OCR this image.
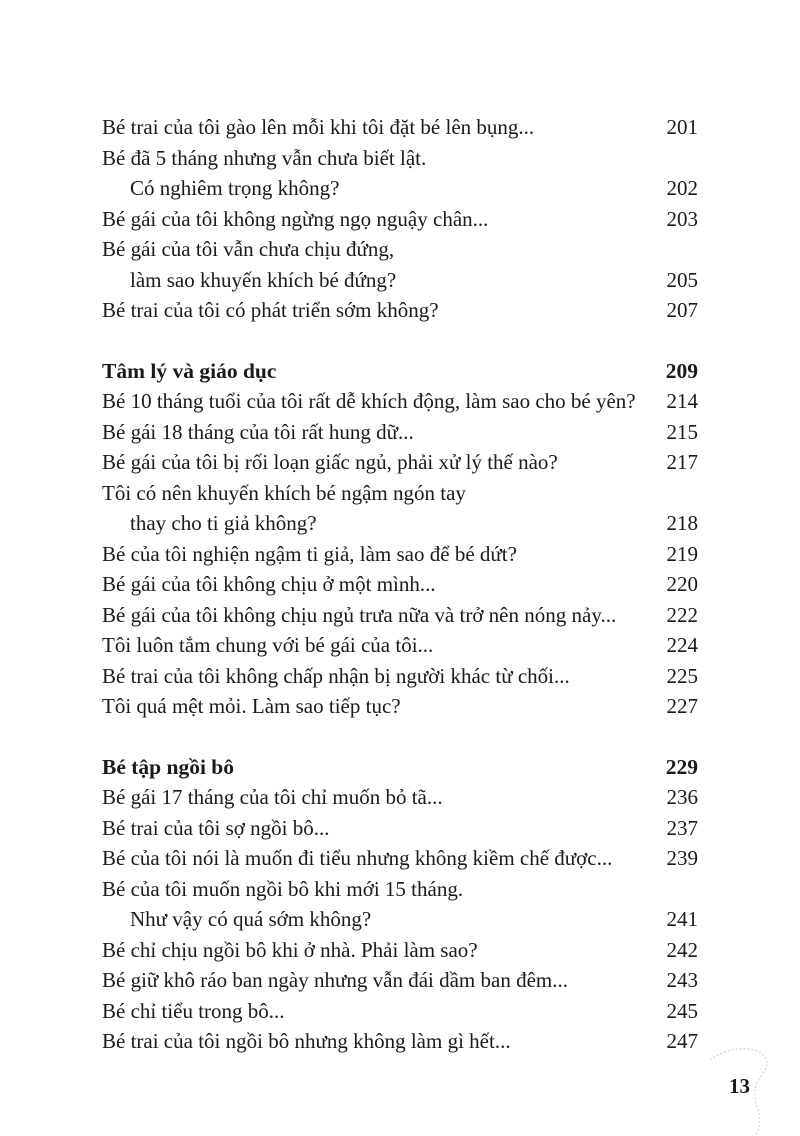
Bé trai của tôi gào lên mỗi khi tôi đặt bé lên bụng...	201
Bé đã 5 tháng nhưng vẫn chưa biết lật.
Có nghiêm trọng không?	202
Bé gái của tôi không ngừng ngọ nguậy chân...	203
Bé gái của tôi vẫn chưa chịu đứng,
làm sao khuyến khích bé đứng?	205
Bé trai của tôi có phát triển sớm không?	207
Tâm lý và giáo dục	209
Bé 10 tháng tuổi của tôi rất dễ khích động, làm sao cho bé yên?	214
Bé gái 18 tháng của tôi rất hung dữ...	215
Bé gái của tôi bị rối loạn giấc ngủ, phải xử lý thế nào?	217
Tôi có nên khuyến khích bé ngậm ngón tay
thay cho ti giả không?	218
Bé của tôi nghiện ngậm ti giả, làm sao để bé dứt?	219
Bé gái của tôi không chịu ở một mình...	220
Bé gái của tôi không chịu ngủ trưa nữa và trở nên nóng nảy...	222
Tôi luôn tắm chung với bé gái của tôi...	224
Bé trai của tôi không chấp nhận bị người khác từ chối...	225
Tôi quá mệt mỏi. Làm sao tiếp tục?	227
Bé tập ngồi bô	229
Bé gái 17 tháng của tôi chỉ muốn bỏ tã...	236
Bé trai của tôi sợ ngồi bô...	237
Bé của tôi nói là muốn đi tiểu nhưng không kiềm chế được...	239
Bé của tôi muốn ngồi bô khi mới 15 tháng.
Như vậy có quá sớm không?	241
Bé chỉ chịu ngồi bô khi ở nhà. Phải làm sao?	242
Bé giữ khô ráo ban ngày nhưng vẫn đái dầm ban đêm...	243
Bé chỉ tiểu trong bô...	245
Bé trai của tôi ngồi bô nhưng không làm gì hết...	247
13
